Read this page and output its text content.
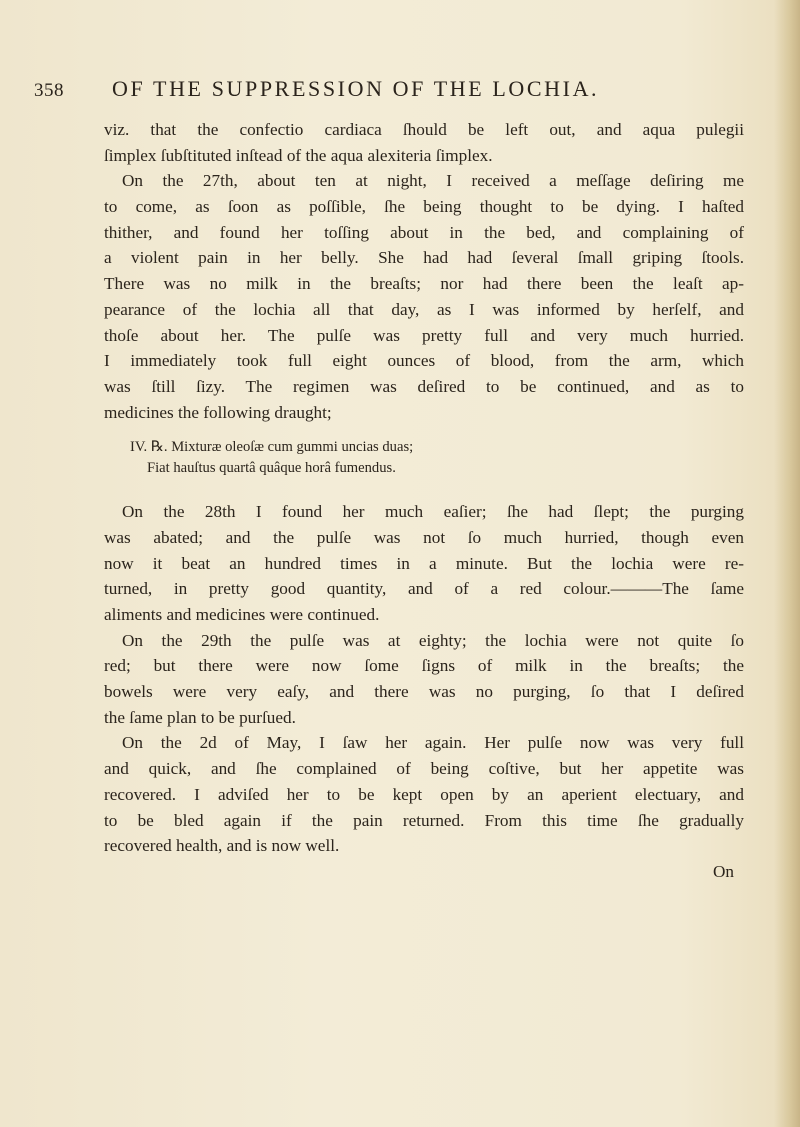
358 OF THE SUPPRESSION OF THE LOCHIA.
viz. that the confectio cardiaca ſhould be left out, and aqua pulegii
ſimplex ſubſtituted inſtead of the aqua alexiteria ſimplex.
On the 27th, about ten at night, I received a meſſage deſiring me
to come, as ſoon as poſſible, ſhe being thought to be dying. I haſted
thither, and found her toſſing about in the bed, and complaining of
a violent pain in her belly. She had had ſeveral ſmall griping ſtools.
There was no milk in the breaſts; nor had there been the leaſt ap-
pearance of the lochia all that day, as I was informed by herſelf, and
thoſe about her. The pulſe was pretty full and very much hurried.
I immediately took full eight ounces of blood, from the arm, which
was ſtill ſizy. The regimen was deſired to be continued, and as to
medicines the following draught;
IV. ℞. Mixturæ oleoſæ cum gummi uncias duas;
Fiat hauſtus quartâ quâque horâ fumendus.
On the 28th I found her much eaſier; ſhe had ſlept; the purging
was abated; and the pulſe was not ſo much hurried, though even
now it beat an hundred times in a minute. But the lochia were re-
turned, in pretty good quantity, and of a red colour.———The ſame
aliments and medicines were continued.
On the 29th the pulſe was at eighty; the lochia were not quite ſo
red; but there were now ſome ſigns of milk in the breaſts; the
bowels were very eaſy, and there was no purging, ſo that I deſired
the ſame plan to be purſued.
On the 2d of May, I ſaw her again. Her pulſe now was very full
and quick, and ſhe complained of being coſtive, but her appetite was
recovered. I adviſed her to be kept open by an aperient electuary, and
to be bled again if the pain returned. From this time ſhe gradually
recovered health, and is now well.
On
